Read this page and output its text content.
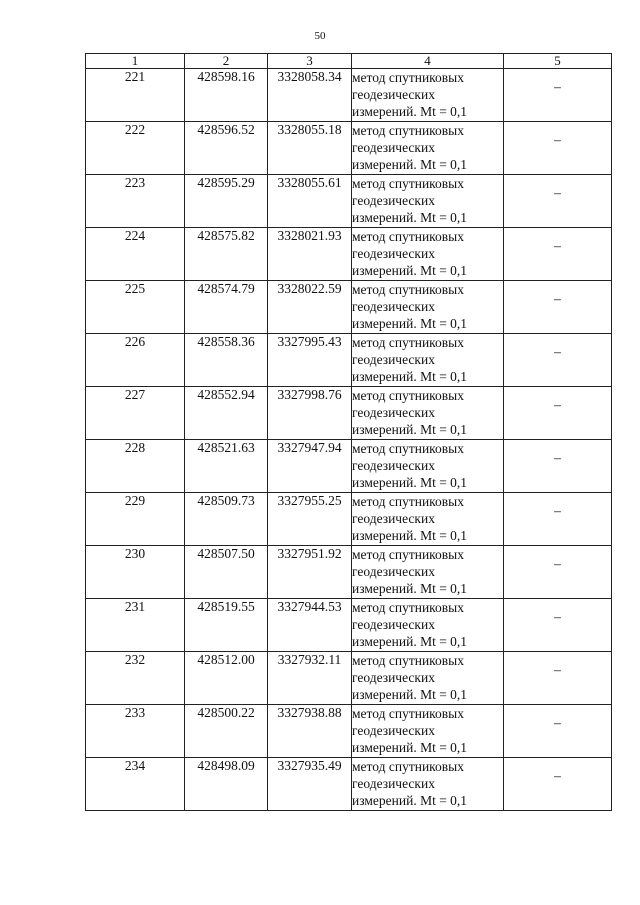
50
1	2	3	4	5
221	428598.16	3328058.34	метод спутниковых
геодезических
измерений. Mt = 0,1	–
222	428596.52	3328055.18	метод спутниковых
геодезических
измерений. Mt = 0,1	–
223	428595.29	3328055.61	метод спутниковых
геодезических
измерений. Mt = 0,1	–
224	428575.82	3328021.93	метод спутниковых
геодезических
измерений. Mt = 0,1	–
225	428574.79	3328022.59	метод спутниковых
геодезических
измерений. Mt = 0,1	–
226	428558.36	3327995.43	метод спутниковых
геодезических
измерений. Mt = 0,1	–
227	428552.94	3327998.76	метод спутниковых
геодезических
измерений. Mt = 0,1	–
228	428521.63	3327947.94	метод спутниковых
геодезических
измерений. Mt = 0,1	–
229	428509.73	3327955.25	метод спутниковых
геодезических
измерений. Mt = 0,1	–
230	428507.50	3327951.92	метод спутниковых
геодезических
измерений. Mt = 0,1	–
231	428519.55	3327944.53	метод спутниковых
геодезических
измерений. Mt = 0,1	–
232	428512.00	3327932.11	метод спутниковых
геодезических
измерений. Mt = 0,1	–
233	428500.22	3327938.88	метод спутниковых
геодезических
измерений. Mt = 0,1	–
234	428498.09	3327935.49	метод спутниковых
геодезических
измерений. Mt = 0,1	–
